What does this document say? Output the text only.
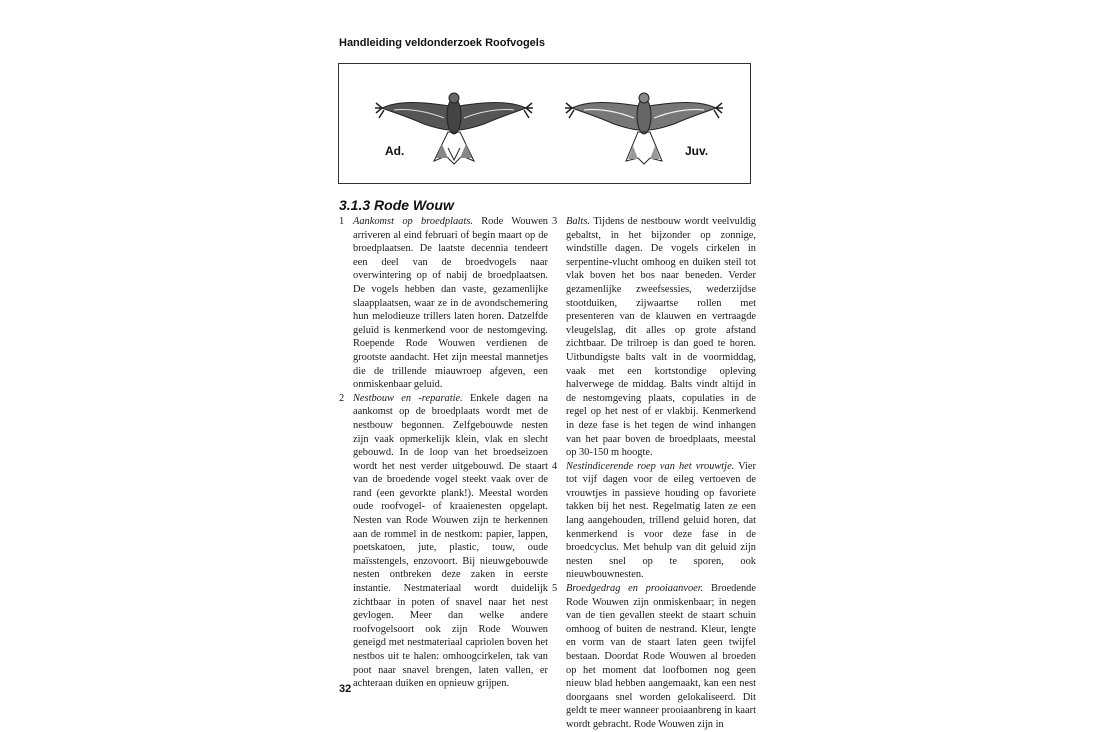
Handleiding veldonderzoek Roofvogels
Ad.	Juv.
3.1.3 Rode Wouw
1 Aankomst op broedplaats. Rode Wouwen arriveren al eind februari of begin maart op de broedplaatsen. De laatste decennia tendeert een deel van de broedvogels naar overwintering op of nabij de broedplaatsen. De vogels hebben dan vaste, gezamenlijke slaapplaatsen, waar ze in de avondschemering hun melodieuze trillers laten horen. Datzelfde geluid is kenmerkend voor de nestomgeving. Roepende Rode Wouwen verdienen de grootste aandacht. Het zijn meestal mannetjes die de trillende miauwroep afgeven, een onmiskenbaar geluid.
2 Nestbouw en -reparatie. Enkele dagen na aankomst op de broedplaats wordt met de nestbouw begonnen. Zelfgebouwde nesten zijn vaak opmerkelijk klein, vlak en slecht gebouwd. In de loop van het broedseizoen wordt het nest verder uitgebouwd. De staart van de broedende vogel steekt vaak over de rand (een gevorkte plank!). Meestal worden oude roofvogel- of kraaienesten opgelapt. Nesten van Rode Wouwen zijn te herkennen aan de rommel in de nestkom: papier, lappen, poetskatoen, jute, plastic, touw, oude maïsstengels, enzovoort. Bij nieuwgebouwde nesten ontbreken deze zaken in eerste instantie. Nestmateriaal wordt duidelijk zichtbaar in poten of snavel naar het nest gevlogen. Meer dan welke andere roofvogelsoort ook zijn Rode Wouwen geneigd met nestmateriaal capriolen boven het nestbos uit te halen: omhoogcirkelen, tak van poot naar snavel brengen, laten vallen, er achteraan duiken en opnieuw grijpen.
3 Balts. Tijdens de nestbouw wordt veelvuldig gebaltst, in het bijzonder op zonnige, windstille dagen. De vogels cirkelen in serpentine-vlucht omhoog en duiken steil tot vlak boven het bos naar beneden. Verder gezamenlijke zweefsessies, wederzijdse stootduiken, zijwaartse rollen met presenteren van de klauwen en vertraagde vleugelslag, dit alles op grote afstand zichtbaar. De trilroep is dan goed te horen. Uitbundigste balts valt in de voormiddag, vaak met een kortstondige opleving halverwege de middag. Balts vindt altijd in de nestomgeving plaats, copulaties in de regel op het nest of er vlakbij. Kenmerkend in deze fase is het tegen de wind inhangen van het paar boven de broedplaats, meestal op 30-150 m hoogte.
4 Nestindicerende roep van het vrouwtje. Vier tot vijf dagen voor de eileg vertoeven de vrouwtjes in passieve houding op favoriete takken bij het nest. Regelmatig laten ze een lang aangehouden, trillend geluid horen, dat kenmerkend is voor deze fase in de broedcyclus. Met behulp van dit geluid zijn nesten snel op te sporen, ook nieuwbouwnesten.
5 Broedgedrag en prooiaanvoer. Broedende Rode Wouwen zijn onmiskenbaar; in negen van de tien gevallen steekt de staart schuin omhoog of buiten de nestrand. Kleur, lengte en vorm van de staart laten geen twijfel bestaan. Doordat Rode Wouwen al broeden op het moment dat loofbomen nog geen nieuw blad hebben aangemaakt, kan een nest doorgaans snel worden gelokaliseerd. Dit geldt te meer wanneer prooiaanbreng in kaart wordt gebracht. Rode Wouwen zijn in
32
